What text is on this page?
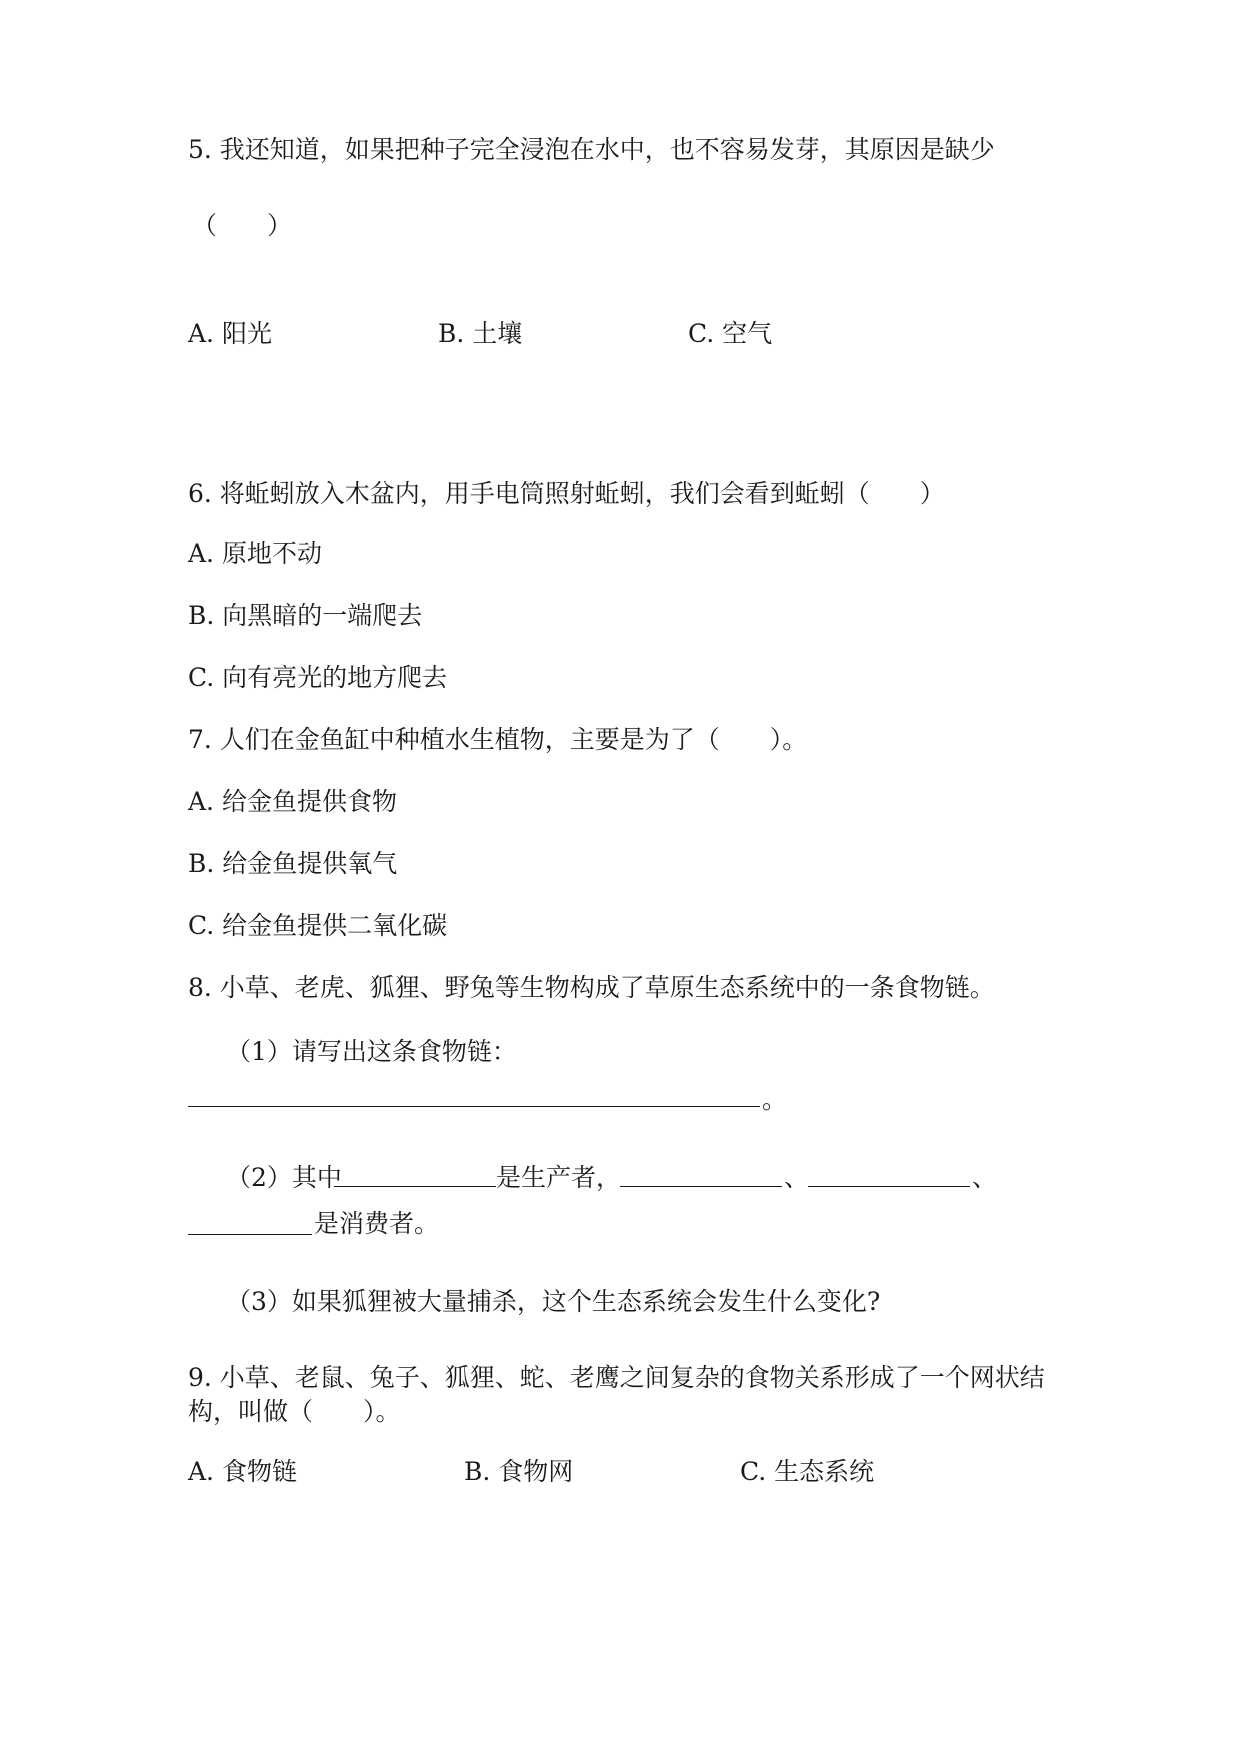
5. 我还知道，如果把种子完全浸泡在水中，也不容易发芽，其原因是缺少
（　　）
A. 阳光	B. 土壤	C. 空气
6. 将蚯蚓放入木盆内，用手电筒照射蚯蚓，我们会看到蚯蚓（　　）
A. 原地不动
B. 向黑暗的一端爬去
C. 向有亮光的地方爬去
7. 人们在金鱼缸中种植水生植物，主要是为了（　　）。
A. 给金鱼提供食物
B. 给金鱼提供氧气
C. 给金鱼提供二氧化碳
8. 小草、老虎、狐狸、野兔等生物构成了草原生态系统中的一条食物链。
（1）请写出这条食物链：
。
（2）其中	是生产者，	、	、
是消费者。
（3）如果狐狸被大量捕杀，这个生态系统会发生什么变化?
9. 小草、老鼠、兔子、狐狸、蛇、老鹰之间复杂的食物关系形成了一个网状结
构，叫做（　　）。
A. 食物链	B. 食物网	C. 生态系统
